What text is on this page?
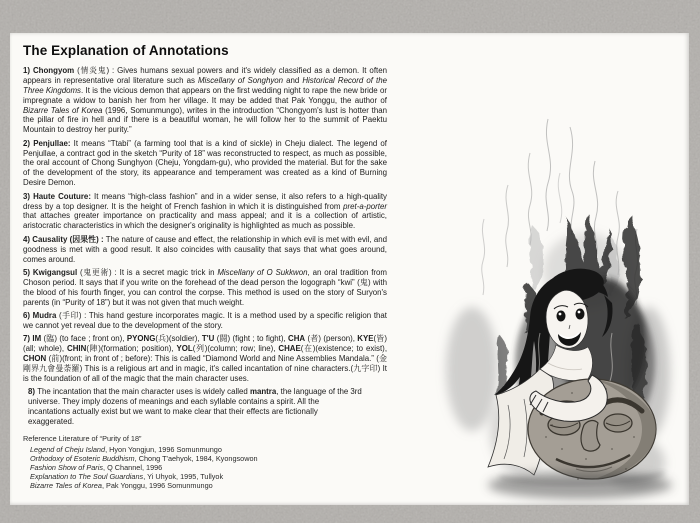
The Explanation of Annotations

1) Chongyom (情炎鬼) : Gives humans sexual powers and it's widely classified as a demon. It often appears in representative oral literature such as Miscellany of Songhyon and Historical Record of the Three Kingdoms. It is the vicious demon that appears on the first wedding night to rape the new bride or impregnate a widow to banish her from her village. It may be added that Pak Yonggu, the author of Bizarre Tales of Korea (1996, Somunmungo), writes in the introduction “Chongyom's lust is hotter than the pillar of fire in hell and if there is a beautiful woman, he will follow her to the summit of Paektu Mountain to destroy her purity.”

2) Penjullae: It means “Ttabi” (a farming tool that is a kind of sickle) in Cheju dialect. The legend of Penjullae, a contract god in the sketch “Purity of 18” was reconstructed to respect, as much as possible, the oral account of Chong Sunghyon (Cheju, Yongdam-gu), who provided the material. But for the sake of the development of the story, its appearance and temperament was created as a kind of Burning Desire Demon.

3) Haute Couture: It means “high-class fashion” and in a wider sense, it also refers to a high-quality dress by a top designer. It is the height of French fashion in which it is distinguished from pret-a-porter that attaches greater importance on practicality and mass appeal; and it is a collection of artistic, aristocratic characteristics in which the designer's originality is highlighted as much as possible.

4) Causality (因果性) : The nature of cause and effect, the relationship in which evil is met with evil, and goodness is met with a good result. It also coincides with causality that says that what goes around, comes around.

5) Kwigangsul (鬼更術) : It is a secret magic trick in Miscellany of O Sukkwon, an oral tradition from Choson period. It says that if you write on the forehead of the dead person the logograph “kwi” (鬼) with the blood of his fourth finger, you can control the corpse. This method is used on the story of Suryon's parents (in “Purity of 18”) but it was not given that much weight.

6) Mudra (手印) : This hand gesture incorporates magic. It is a method used by a specific religion that we cannot yet reveal due to the development of the story.

7) IM (臨) (to face ; front on), PYONG(兵)(soldier), T'U (闘) (fight ; to fight), CHA (者) (person), KYE(皆)(all; whole), CHIN(陣)(formation; position), YOL(列)(column; row; line), CHAE(在)(existence; to exist), CHON (前)(front; in front of ; before): This is called “Diamond World and Nine Assemblies Mandala.” (金剛界九會曼荼羅) This is a religious art and in magic, it's called incantation of nine characters.(九字印) It is the foundation of all of the magic that the main character uses.

8) The incantation that the main character uses is widely called mantra, the language of the 3rd universe. They imply dozens of meanings and each syllable contains a spirit. All the incantations actually exist but we want to make clear that their effects are fictionally exaggerated.

Reference Literature of “Purity of 18”
Legend of Cheju Island, Hyon Yongjun, 1996 Somunmungo
Orthodoxy of Esoteric Buddhism, Chong T'aehyok, 1984, Kyongsowon
Fashion Show of Paris, Q Channel, 1996
Explanation to The Soul Guardians, Yi Uhyok, 1995, Tullyok
Bizarre Tales of Korea, Pak Yonggu, 1996 Somunmungo
